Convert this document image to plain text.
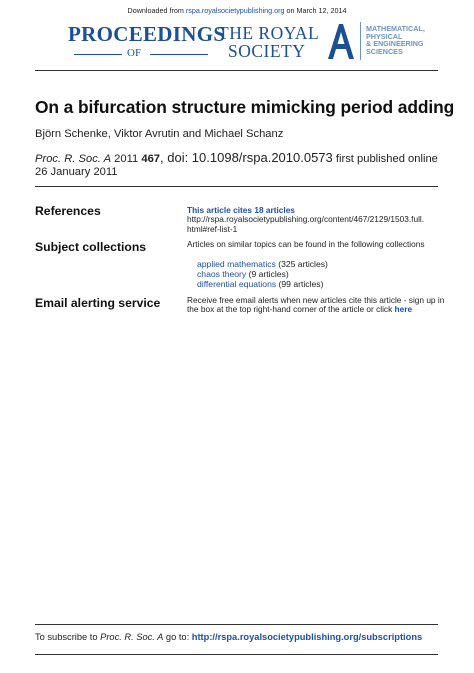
Downloaded from rspa.royalsocietypublishing.org on March 12, 2014
PROCEEDINGS
OF
THE ROYAL
SOCIETY
MATHEMATICAL,
PHYSICAL
& ENGINEERING
SCIENCES
On a bifurcation structure mimicking period adding
Björn Schenke, Viktor Avrutin and Michael Schanz
Proc. R. Soc. A 2011 467, doi: 10.1098/rspa.2010.0573 first published online
26 January 2011
References	This article cites 18 articles
http://rspa.royalsocietypublishing.org/content/467/2129/1503.full.
html#ref-list-1
Subject collections	Articles on similar topics can be found in the following collections
applied mathematics (325 articles)
chaos theory (9 articles)
differential equations (99 articles)
Email alerting service	Receive free email alerts when new articles cite this article - sign up in
the box at the top right-hand corner of the article or click here
To subscribe to Proc. R. Soc. A go to: http://rspa.royalsocietypublishing.org/subscriptions
